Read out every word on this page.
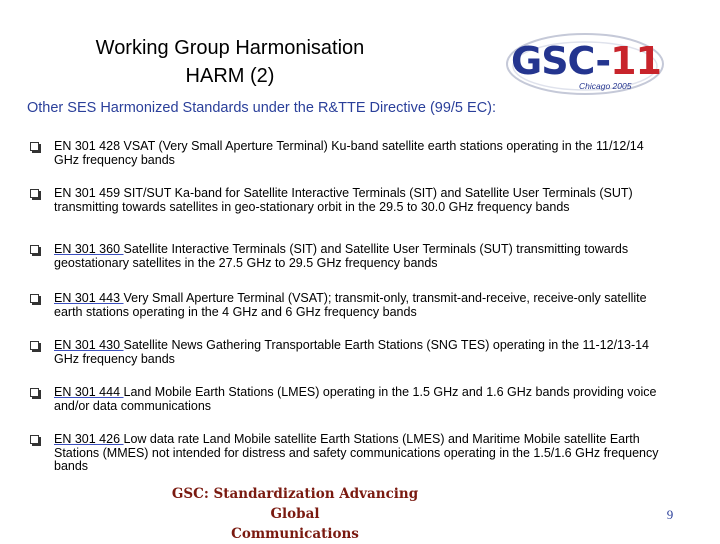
Working Group Harmonisation
HARM (2)	GSC-11
Chicago 2005
Other SES Harmonized Standards under the R&TTE Directive (99/5 EC):
EN 301 428 VSAT (Very Small Aperture Terminal) Ku-band satellite earth stations operating in the 11/12/14 GHz frequency bands
EN 301 459 SIT/SUT Ka-band for Satellite Interactive Terminals (SIT) and Satellite User Terminals (SUT) transmitting towards satellites in geo-stationary orbit in the 29.5 to 30.0 GHz frequency bands
EN 301 360 Satellite Interactive Terminals (SIT) and Satellite User Terminals (SUT) transmitting towards geostationary satellites in the 27.5 GHz to 29.5 GHz frequency bands
EN 301 443 Very Small Aperture Terminal (VSAT); transmit-only, transmit-and-receive, receive-only satellite earth stations operating in the 4 GHz and 6 GHz frequency bands
EN 301 430 Satellite News Gathering Transportable Earth Stations (SNG TES) operating in the 11-12/13-14 GHz frequency bands
EN 301 444 Land Mobile Earth Stations (LMES) operating in the 1.5 GHz and 1.6 GHz bands providing voice and/or data communications
EN 301 426 Low data rate Land Mobile satellite Earth Stations (LMES) and Maritime Mobile satellite Earth Stations (MMES) not intended for distress and safety communications operating in the 1.5/1.6 GHz frequency bands
GSC: Standardization Advancing Global
Communications
9
